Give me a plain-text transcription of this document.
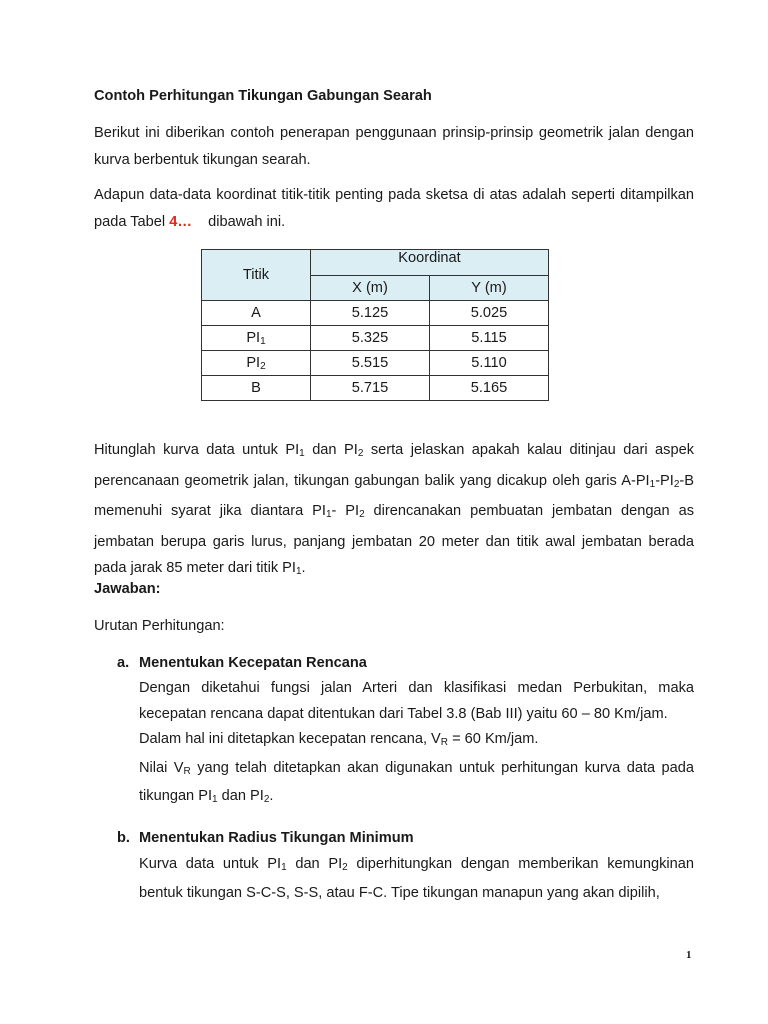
Contoh Perhitungan Tikungan Gabungan Searah

Berikut ini diberikan contoh penerapan penggunaan prinsip-prinsip geometrik jalan dengan kurva berbentuk tikungan searah.

Adapun data-data koordinat titik-titik penting pada sketsa di atas adalah seperti ditampilkan pada Tabel 4… dibawah ini.

Titik	Koordinat	
	X (m)	Y (m)
A	5.125	5.025
$PI_1$	5.325	5.115
$PI_2$	5.515	5.110
B	5.715	5.165

Hitunglah kurva data untuk $PI_1$ dan $PI_2$ serta jelaskan apakah kalau ditinjau dari aspek perencanaan geometrik jalan, tikungan gabungan balik yang dicakup oleh garis $A-PI_1-PI_2-B$ memenuhi syarat jika diantara $PI_1-$ $PI_2$ direncanakan pembuatan jembatan dengan as jembatan berupa garis lurus, panjang jembatan 20 meter dan titik awal jembatan berada pada jarak 85 meter dari titik $PI_1$.

Jawaban:

Urutan Perhitungan:

a. Menentukan Kecepatan Rencana

Dengan diketahui fungsi jalan Arteri dan klasifikasi medan Perbukitan, maka kecepatan rencana dapat ditentukan dari Tabel 3.8 (Bab III) yaitu 60 – 80 Km/jam.
Dalam hal ini ditetapkan kecepatan rencana, $V_R = 60$ Km/jam.
Nilai $V_R$ yang telah ditetapkan akan digunakan untuk perhitungan kurva data pada tikungan $PI_1$ dan $PI_2$.

b. Menentukan Radius Tikungan Minimum

Kurva data untuk $PI_1$ dan $PI_2$ diperhitungkan dengan memberikan kemungkinan bentuk tikungan S-C-S, S-S, atau F-C. Tipe tikungan manapun yang akan dipilih,

1
